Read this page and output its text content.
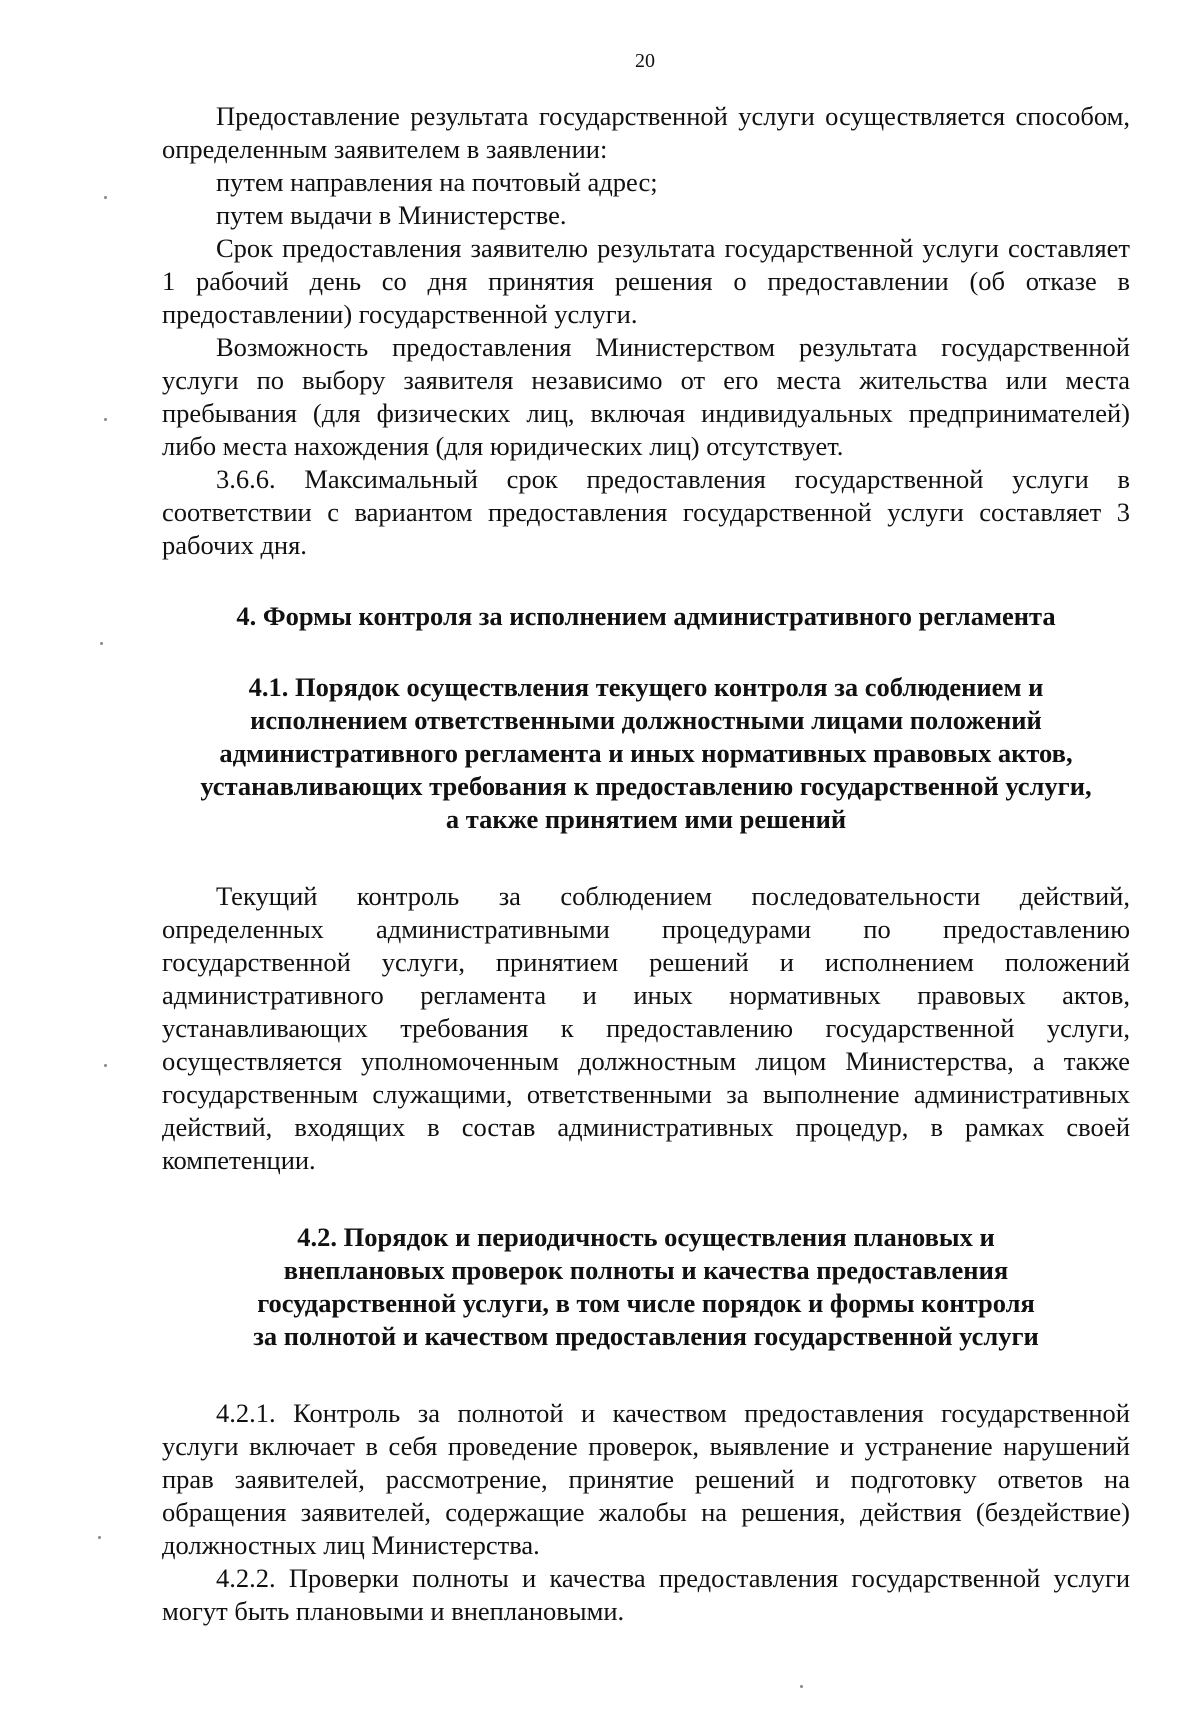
20

Предоставление результата государственной услуги осуществляется способом, определенным заявителем в заявлении:

путем направления на почтовый адрес;

путем выдачи в Министерстве.

Срок предоставления заявителю результата государственной услуги составляет 1 рабочий день со дня принятия решения о предоставлении (об отказе в предоставлении) государственной услуги.

Возможность предоставления Министерством результата государственной услуги по выбору заявителя независимо от его места жительства или места пребывания (для физических лиц, включая индивидуальных предпринимателей) либо места нахождения (для юридических лиц) отсутствует.

3.6.6. Максимальный срок предоставления государственной услуги в соответствии с вариантом предоставления государственной услуги составляет 3 рабочих дня.

4. Формы контроля за исполнением административного регламента
4.1. Порядок осуществления текущего контроля за соблюдением и исполнением ответственными должностными лицами положений административного регламента и иных нормативных правовых актов, устанавливающих требования к предоставлению государственной услуги, а также принятием ими решений

Текущий контроль за соблюдением последовательности действий, определенных административными процедурами по предоставлению государственной услуги, принятием решений и исполнением положений административного регламента и иных нормативных правовых актов, устанавливающих требования к предоставлению государственной услуги, осуществляется уполномоченным должностным лицом Министерства, а также государственным служащими, ответственными за выполнение административных действий, входящих в состав административных процедур, в рамках своей компетенции.

4.2. Порядок и периодичность осуществления плановых и внеплановых проверок полноты и качества предоставления государственной услуги, в том числе порядок и формы контроля за полнотой и качеством предоставления государственной услуги

4.2.1. Контроль за полнотой и качеством предоставления государственной услуги включает в себя проведение проверок, выявление и устранение нарушений прав заявителей, рассмотрение, принятие решений и подготовку ответов на обращения заявителей, содержащие жалобы на решения, действия (бездействие) должностных лиц Министерства.

4.2.2. Проверки полноты и качества предоставления государственной услуги могут быть плановыми и внеплановыми.
